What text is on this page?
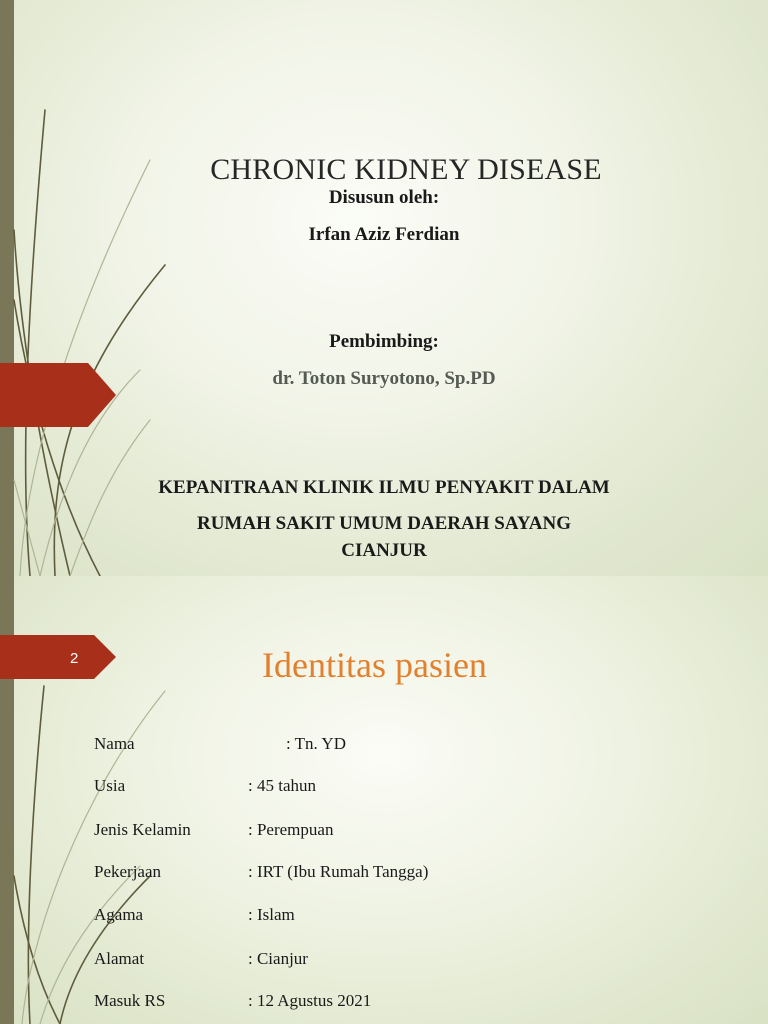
CHRONIC KIDNEY DISEASE
Disusun oleh:
Irfan Aziz Ferdian
Pembimbing:
dr. Toton Suryotono, Sp.PD
KEPANITRAAN KLINIK ILMU PENYAKIT DALAM
RUMAH SAKIT UMUM DAERAH SAYANG
CIANJUR
2	Identitas pasien
Nama	: Tn. YD
Usia	: 45 tahun
Jenis Kelamin	: Perempuan
Pekerjaan	: IRT (Ibu Rumah Tangga)
Agama	: Islam
Alamat	: Cianjur
Masuk RS	: 12 Agustus 2021
